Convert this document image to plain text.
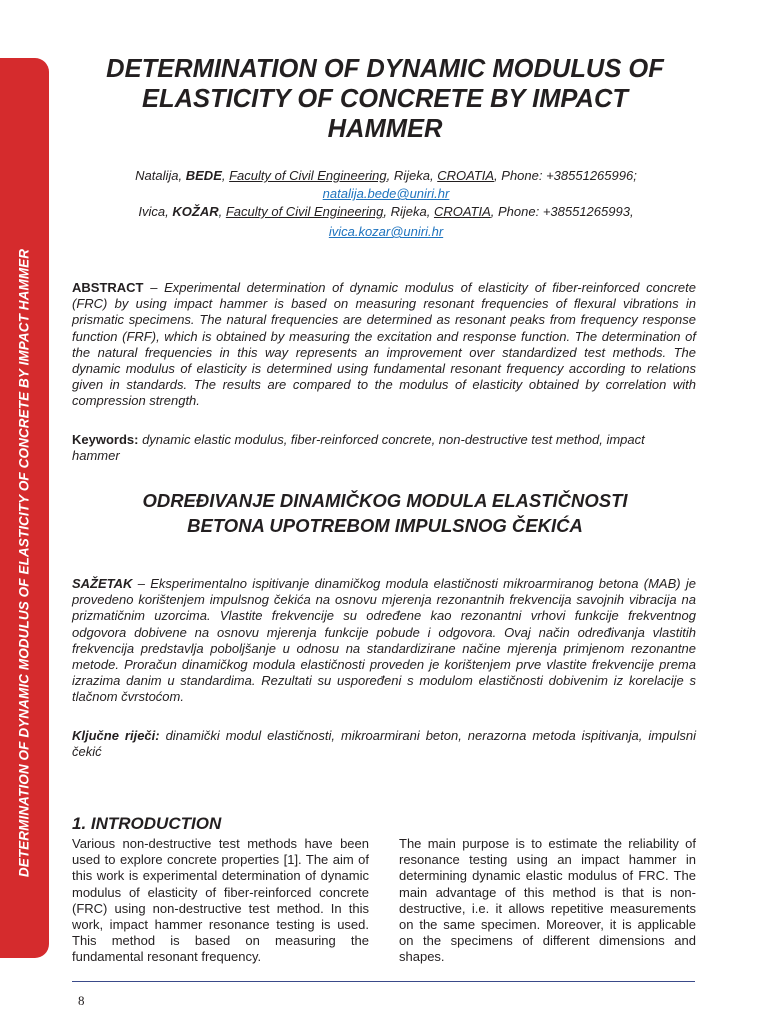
DETERMINATION OF DYNAMIC MODULUS OF ELASTICITY OF CONCRETE BY IMPACT HAMMER
DETERMINATION OF DYNAMIC MODULUS OF
ELASTICITY OF CONCRETE BY IMPACT
HAMMER
Natalija, BEDE, Faculty of Civil Engineering, Rijeka, CROATIA, Phone: +38551265996;
natalija.bede@uniri.hr
Ivica, KOŽAR, Faculty of Civil Engineering, Rijeka, CROATIA, Phone: +38551265993,
ivica.kozar@uniri.hr

ABSTRACT – Experimental determination of dynamic modulus of elasticity of fiber-reinforced concrete (FRC) by using impact hammer is based on measuring resonant frequencies of flexural vibrations in prismatic specimens. The natural frequencies are determined as resonant peaks from frequency response function (FRF), which is obtained by measuring the excitation and response function. The determination of the natural frequencies in this way represents an improvement over standardized test methods. The dynamic modulus of elasticity is determined using fundamental resonant frequency according to relations given in standards. The results are compared to the modulus of elasticity obtained by correlation with compression strength.

Keywords: dynamic elastic modulus, fiber-reinforced concrete, non-destructive test method, impact hammer

ODREĐIVANJE DINAMIČKOG MODULA ELASTIČNOSTI
BETONA UPOTREBOM IMPULSNOG ČEKIĆA

SAŽETAK – Eksperimentalno ispitivanje dinamičkog modula elastičnosti mikroarmiranog betona (MAB) je provedeno korištenjem impulsnog čekića na osnovu mjerenja rezonantnih frekvencija savojnih vibracija na prizmatičnim uzorcima. Vlastite frekvencije su određene kao rezonantni vrhovi funkcije frekventnog odgovora dobivene na osnovu mjerenja funkcije pobude i odgovora. Ovaj način određivanja vlastitih frekvencija predstavlja poboljšanje u odnosu na standardizirane načine mjerenja primjenom rezonantne metode. Proračun dinamičkog modula elastičnosti proveden je korištenjem prve vlastite frekvencije prema izrazima danim u standardima. Rezultati su uspoređeni s modulom elastičnosti dobivenim iz korelacije s tlačnom čvrstoćom.

Ključne riječi: dinamički modul elastičnosti, mikroarmirani beton, nerazorna metoda ispitivanja, impulsni čekić

1. INTRODUCTION

Various non-destructive test methods have been used to explore concrete properties [1]. The aim of this work is experimental determination of dynamic modulus of elasticity of fiber-reinforced concrete (FRC) using non-destructive test method. In this work, impact hammer resonance testing is used. This method is based on measuring the fundamental resonant frequency.

The main purpose is to estimate the reliability of resonance testing using an impact hammer in determining dynamic elastic modulus of FRC. The main advantage of this method is that is non-destructive, i.e. it allows repetitive measurements on the same specimen. Moreover, it is applicable on the specimens of different dimensions and shapes.

8
